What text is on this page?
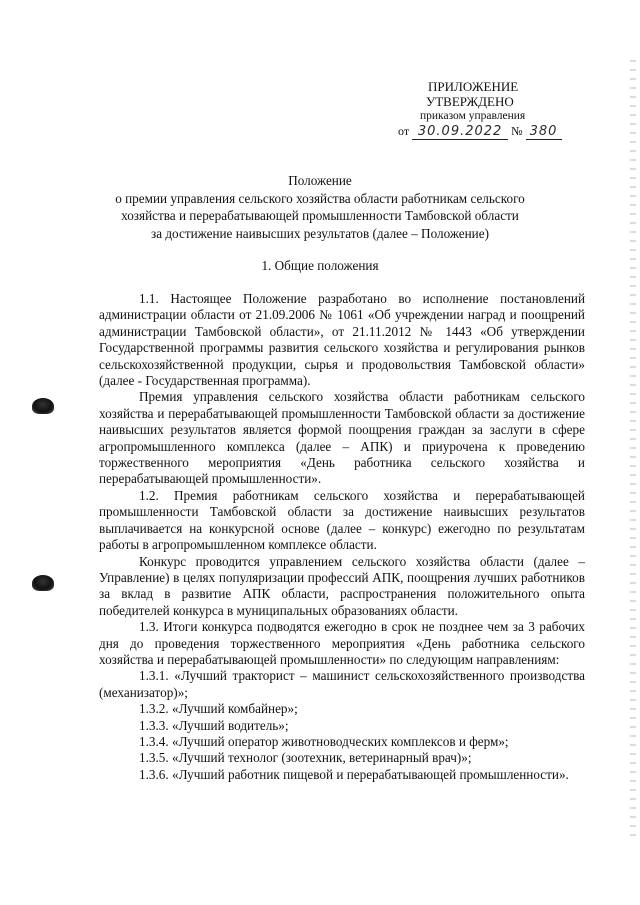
ПРИЛОЖЕНИЕ
УТВЕРЖДЕНО
приказом управления
от
30.09.2022
№
380
Положение
о премии управления сельского хозяйства области работникам сельского
хозяйства и перерабатывающей промышленности Тамбовской области
за достижение наивысших результатов (далее – Положение)
1. Общие положения

1.1. Настоящее Положение разработано во исполнение постановлений администрации области от 21.09.2006 № 1061 «Об учреждении наград и поощрений администрации Тамбовской области», от 21.11.2012 № 1443 «Об утверждении Государственной программы развития сельского хозяйства и регулирования рынков сельскохозяйственной продукции, сырья и продовольствия Тамбовской области» (далее - Государственная программа).

Премия управления сельского хозяйства области работникам сельского хозяйства и перерабатывающей промышленности Тамбовской области за достижение наивысших результатов является формой поощрения граждан за заслуги в сфере агропромышленного комплекса (далее – АПК) и приурочена к проведению торжественного мероприятия «День работника сельского хозяйства и перерабатывающей промышленности».

1.2. Премия работникам сельского хозяйства и перерабатывающей промышленности Тамбовской области за достижение наивысших результатов выплачивается на конкурсной основе (далее – конкурс) ежегодно по результатам работы в агропромышленном комплексе области.

Конкурс проводится управлением сельского хозяйства области (далее – Управление) в целях популяризации профессий АПК, поощрения лучших работников за вклад в развитие АПК области, распространения положительного опыта победителей конкурса в муниципальных образованиях области.

1.3. Итоги конкурса подводятся ежегодно в срок не позднее чем за 3 рабочих дня до проведения торжественного мероприятия «День работника сельского хозяйства и перерабатывающей промышленности» по следующим направлениям:

1.3.1. «Лучший тракторист – машинист сельскохозяйственного производства (механизатор)»;

1.3.2. «Лучший комбайнер»;

1.3.3. «Лучший водитель»;

1.3.4. «Лучший оператор животноводческих комплексов и ферм»;

1.3.5. «Лучший технолог (зоотехник, ветеринарный врач)»;

1.3.6. «Лучший работник пищевой и перерабатывающей промышленности».
